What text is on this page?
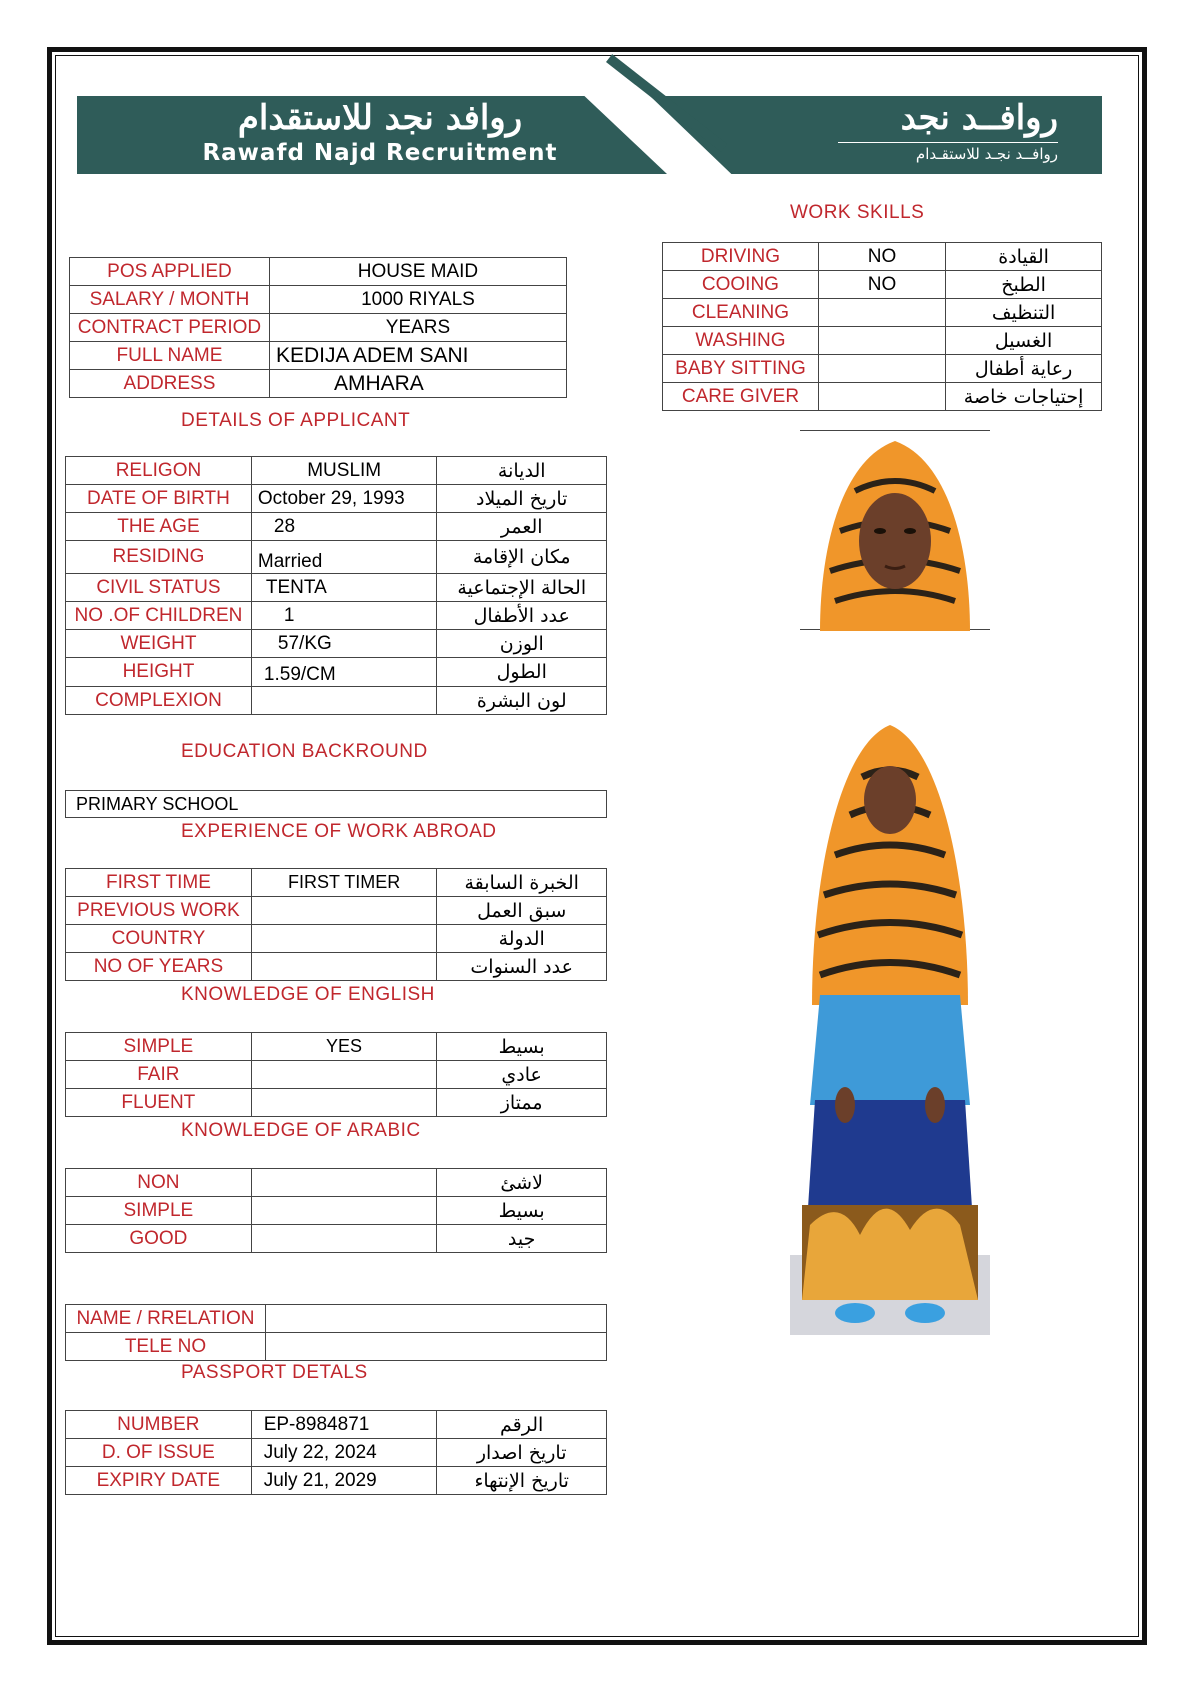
روافد نجد للاستقدام
Rawafd Najd Recruitment
روافــد نجد
روافــد نجـد للاستقـدام
WORK SKILLS
DRIVING	NO	القيادة
COOING	NO	الطبخ
CLEANING		التنظيف
WASHING		الغسيل
BABY SITTING		رعاية أطفال
CARE GIVER		إحتياجات خاصة
POS APPLIED	HOUSE MAID
SALARY / MONTH	1000 RIYALS
CONTRACT PERIOD	YEARS
FULL NAME	KEDIJA ADEM SANI
ADDRESS	AMHARA
DETAILS OF APPLICANT
RELIGON	MUSLIM	الديانة
DATE OF BIRTH	October 29, 1993	تاريخ الميلاد
THE AGE	28	العمر
RESIDING	Married	مكان الإقامة
CIVIL STATUS	TENTA	الحالة الإجتماعية
NO .OF CHILDREN	1	عدد الأطفال
WEIGHT	57/KG	الوزن
HEIGHT	1.59/CM	الطول
COMPLEXION		لون البشرة
EDUCATION BACKROUND
PRIMARY SCHOOL
EXPERIENCE OF WORK ABROAD
FIRST TIME	FIRST TIMER	الخبرة السابقة
PREVIOUS WORK		سبق العمل
COUNTRY		الدولة
NO OF YEARS		عدد السنوات
KNOWLEDGE OF ENGLISH
SIMPLE	YES	بسيط
FAIR		عادي
FLUENT		ممتاز
KNOWLEDGE OF ARABIC
NON		لاشئ
SIMPLE		بسيط
GOOD		جيد
NAME / RRELATION	
TELE NO	
PASSPORT DETALS
NUMBER	EP-8984871	الرقم
D. OF ISSUE	July 22, 2024	تاريخ اصدار
EXPIRY DATE	July 21, 2029	تاريخ الإنتهاء
